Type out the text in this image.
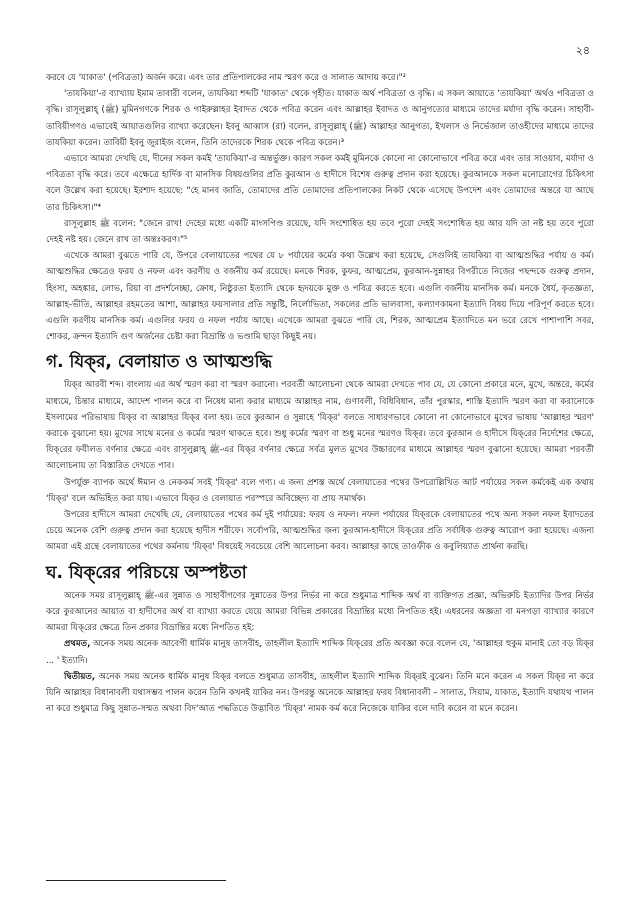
২৪

করবে যে 'যাকাত' (পবিত্রতা) অর্জন করে। এবং তার প্রতিপালকের নাম স্মরণ করে ও সালাত আদায় করে।"²

'তাযকিয়া'-র ব্যাখ্যায় ইমাম তাবারী বলেন, তাযকিয়া শব্দটি 'যাকাত' থেকে গৃহীত। যাকাত অর্থ পবিত্রতা ও বৃদ্ধি। এ সকল আয়াতে 'তাযকিয়া' অর্থও পবিত্রতা ও বৃদ্ধি। রাসূলুল্লাহ্ (ﷺ) মুমিনগণকে শিরক ও গাইরুল্লাহর ইবাদত থেকে পবিত্র করেন এবং আল্লাহর ইবাদত ও আনুগত্যের মাধ্যমে তাদের মর্যাদা বৃদ্ধি করেন। সাহাবী-তাবিয়ীগণও এভাবেই আয়াতগুলির ব্যাখ্যা করেছেন। ইবনু আব্বাস (রা) বলেন, রাসূলুল্লাহ্ (ﷺ) আল্লাহর আনুগত্য, ইখলাস ও নির্ভেজাল তাওহীদের মাধ্যমে তাদের তাযকিয়া করেন। তাবিয়ী ইবনু জুরাইজ বলেন, তিনি তাদেরকে শিরক থেকে পবিত্র করেন।³

এভাবে আমরা দেখছি যে, দীনের সকল কর্মই 'তাযকিয়া'-র অন্তর্ভুক্ত। কারণ সকল কর্মই মুমিনকে কোনো না কোনোভাবে পবিত্র করে এবং তার সাওয়াব, মর্যাদা ও পবিত্রতা বৃদ্ধি করে। তবে এক্ষেত্রে হার্দিক বা মানসিক বিষয়গুলির প্রতি কুরআন ও হাদীসে বিশেষ গুরুত্ব প্রদান করা হয়েছে। কুরআনকে সকল মনোরোগের চিকিৎসা বলে উল্লেখ করা হয়েছে। ইরশাদ হয়েছে: "হে মানব জাতি, তোমাদের প্রতি তোমাদের প্রতিপালকের নিকট থেকে এসেছে উপদেশ এবং তোমাদের অন্তরে যা আছে তার চিকিৎসা।"⁴

রাসূলুল্লাহ ﷺ বলেন: "জেনে রাখ! দেহের মধ্যে একটি মাংসপিণ্ড রয়েছে, যদি সংশোধিত হয় তবে পুরো দেহই সংশোধিত হয় আর যদি তা নষ্ট হয় তবে পুরো দেহই নষ্ট হয়। জেনে রাখ তা অন্তঃকরণ।"⁵

এখেকে আমরা বুঝতে পারি যে, উপরে বেলায়াতের পথের যে ৮ পর্যায়ের কর্মের কথা উল্লেখ করা হয়েছে, সেগুলিই তাযকিয়া বা আত্মশুদ্ধির পর্যায় ও কর্ম। আত্মশুদ্ধির ক্ষেত্রেও ফরয ও নফল এবং করণীয় ও বর্জনীয় কর্ম রয়েছে। মনকে শিরক, কুফর, আত্মপ্রেম, কুরআন-সুন্নাহর বিপরীতে নিজের পছন্দকে গুরুত্ব প্রদান, হিংসা, অহঙ্কার, লোভ, রিয়া বা প্রদর্শনেচ্ছা, ক্রোধ, নিষ্ঠুরতা ইত্যাদি থেকে হৃদয়কে মুক্ত ও পবিত্র করতে হবে। এগুলি বর্জনীয় মানসিক কর্ম। মনকে ধৈর্য, কৃতজ্ঞতা, আল্লাহ-ভীতি, আল্লাহর রহমতের আশা, আল্লাহর ফয়সালার প্রতি সন্তুষ্টি, নির্লোভিতা, সকলের প্রতি ভালবাসা, কল্যাণকামনা ইত্যাদি বিষয় দিয়ে পরিপূর্ণ করতে হবে। এগুলি করণীয় মানসিক কর্ম। এগুলির ফরয ও নফল পর্যায় আছে। এখেকে আমরা বুঝতে পারি যে, শিরক, আত্মপ্রেম ইত্যাদিতে মন ভরে রেখে পাশাপাশি সবর, শোকর, ক্রন্দন ইত্যাদি গুণ অর্জনের চেষ্টা করা বিভ্রান্তি ও ভণ্ডামি ছাড়া কিছুই নয়।

গ. যিক্‌র, বেলায়াত ও আত্মশুদ্ধি

যিক্‌র আরবী শব্দ। বাংলায় এর অর্থ স্মরণ করা বা স্মরণ করানো। পরবর্তী আলোচনা থেকে আমরা দেখতে পাব যে, যে কোনো প্রকারে মনে, মুখে, অন্তরে, কর্মের মাধ্যমে, চিন্তার মাধ্যমে, আদেশ পালন করে বা নিষেধ মান্য করার মাধ্যমে আল্লাহর নাম, গুণাবলী, বিধিবিধান, তাঁর পুরস্কার, শাস্তি ইত্যাদি স্মরণ করা বা করানোকে ইসলামের পরিভাষায় যিক্‌র বা আল্লাহর যিক্‌র বলা হয়। তবে কুরআন ও সুন্নাহে 'যিক্‌র' বলতে সাধারণভাবে কোনো না কোনোভাবে মুখের ভাষায় 'আল্লাহর স্মরণ' করাকে বুঝানো হয়। মুখের সাথে মনের ও কর্মের স্মরণ থাকতে হবে। শুধু কর্মের স্মরণ বা শুধু মনের স্মরণও যিক্‌র। তবে কুরআন ও হাদীসে যিক্‌রের নির্দেশের ক্ষেত্রে, যিক্‌রের ফযীলত বর্ণনার ক্ষেত্রে এবং রাসূলুল্লাহ্ ﷺ-এর যিক্‌র বর্ণনার ক্ষেত্রে সর্বত্র মুলত মুখের উচ্চারণের মাধ্যমে আল্লাহর স্মরণ বুঝানো হয়েছে। আমরা পরবর্তী আলোচনায় তা বিস্তারিত দেখতে পাব।

উপর্যুক্ত ব্যাপক অর্থে ঈমান ও নেককর্ম সবই 'যিক্‌র' বলে গণ্য। এ জন্য প্রশস্ত অর্থে বেলায়াতের পথের উপরোল্লিখিত আট পর্যায়ের সকল কর্মকেই এক কথায় 'যিক্‌র' বলে অভিহিত করা যায়। এভাবে যিক্‌র ও বেলায়াত পরস্পরে অবিচ্ছেদ্য বা প্রায় সমার্থক।

উপরের হাদীসে আমরা দেখেছি যে, বেলায়াতের পথের কর্ম দুই পর্যায়ের: ফরয ও নফল। নফল পর্যায়ের যিক্‌রকে বেলায়াতের পথে অন্য সকল নফল ইবাদতের চেয়ে অনেক বেশি গুরুত্ব প্রদান করা হয়েছে হাদীস শরীফে। সর্বোপরি, আত্মশুদ্ধির জন্য কুরআন-হাদীসে যিক্‌রের প্রতি সর্বাধিক গুরুত্ব আরোপ করা হয়েছে। এজন্য আমরা এই গ্রন্থে বেলায়াতের পথের কর্মনায় 'যিক্‌র' বিষয়েই সবচেয়ে বেশি আলোচনা করব। আল্লাহর কাছে তাওফীক ও কবুলিয়্যাত প্রার্থনা করছি।

ঘ. যিক্‌রের পরিচয়ে অস্পষ্টতা

অনেক সময় রাসূলুল্লাহ্ ﷺ-এর সুন্নাত ও সাহাবীগণের সুন্নাতের উপর নির্ভর না করে শুধুমাত্র শাব্দিক অর্থ বা ব্যক্তিগত প্রজ্ঞা, অভিরুচি ইত্যাদির উপর নির্ভর করে কুরআনের আয়াত বা হাদীসের অর্থ বা ব্যাখ্যা করতে যেয়ে আমরা বিভিন্ন প্রকারের বিভ্রান্তির মধ্যে নিপতিত হই। এধরনের অজ্ঞতা বা মনগড়া ব্যাখ্যার কারণে আমরা যিক্‌রের ক্ষেত্রে তিন প্রকার বিভ্রান্তির মধ্যে নিপতিত হই:

প্রথমত, অনেক সময় অনেক আবেগী ধার্মিক মানুষ তাসবীহ, তাহলীল ইত্যাদি শাব্দিক যিক্‌রের প্রতি অবজ্ঞা করে বলেন যে, 'আল্লাহর হুকুম মানাই তো বড় যিক্‌র ... ' ইত্যাদি।

দ্বিতীয়ত, অনেক সময় অনেক ধার্মিক মানুষ যিক্‌র বলতে শুধুমাত্র তাসবীহ, তাহলীল ইত্যাদি শাব্দিক যিক্‌রই বুঝেন। তিনি মনে করেন এ সকল যিক্‌র না করে যিনি আল্লাহর বিধানাবলী যথাসম্ভব পালন করেন তিনি কখনই যাকির নন। উপরন্তু অনেকে আল্লাহর ফরয বিধানাবলী – সালাত, সিয়াম, যাকাত, ইত্যাদি যথাযথ পালন না করে শুধুমাত্র কিছু সুন্নাত-সম্মত অথবা বিদ'আত পদ্ধতিতে উদ্ভাবিত 'যিক্‌র' নামক কর্ম করে নিজেকে যাকির বলে দাবি করেন বা মনে করেন।
